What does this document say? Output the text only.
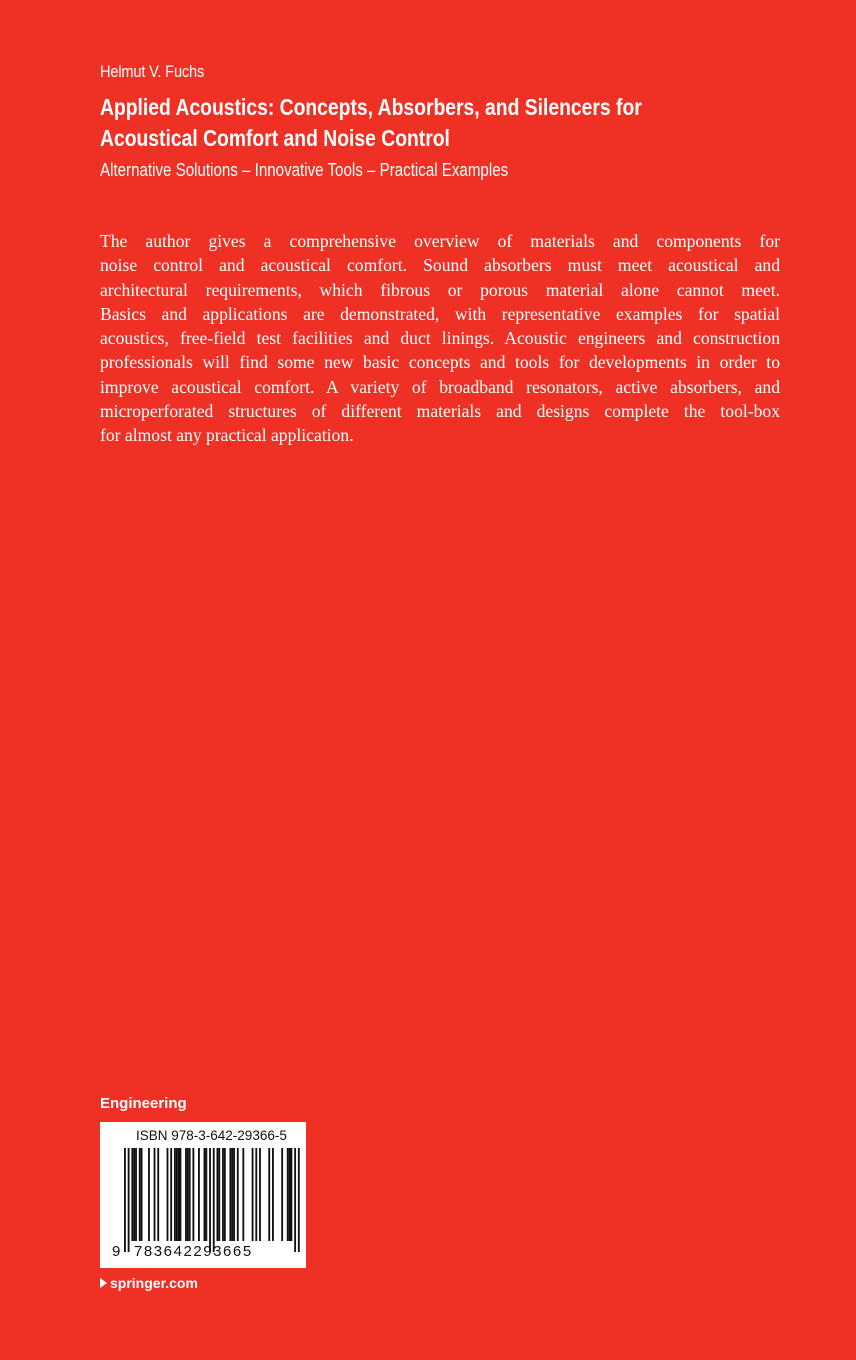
Helmut V. Fuchs
Applied Acoustics: Concepts, Absorbers, and Silencers for
Acoustical Comfort and Noise Control
Alternative Solutions – Innovative Tools – Practical Examples

The author gives a comprehensive overview of materials and components for
noise control and acoustical comfort. Sound absorbers must meet acoustical and
architectural requirements, which fibrous or porous material alone cannot meet.
Basics and applications are demonstrated, with representative examples for spatial
acoustics, free-field test facilities and duct linings. Acoustic engineers and construction
professionals will find some new basic concepts and tools for developments in order to
improve acoustical comfort. A variety of broadband resonators, active absorbers, and
microperforated structures of different materials and designs complete the tool-box
for almost any practical application.

Engineering
ISBN 978-3-642-29366-5
9 783642293665
springer.com
